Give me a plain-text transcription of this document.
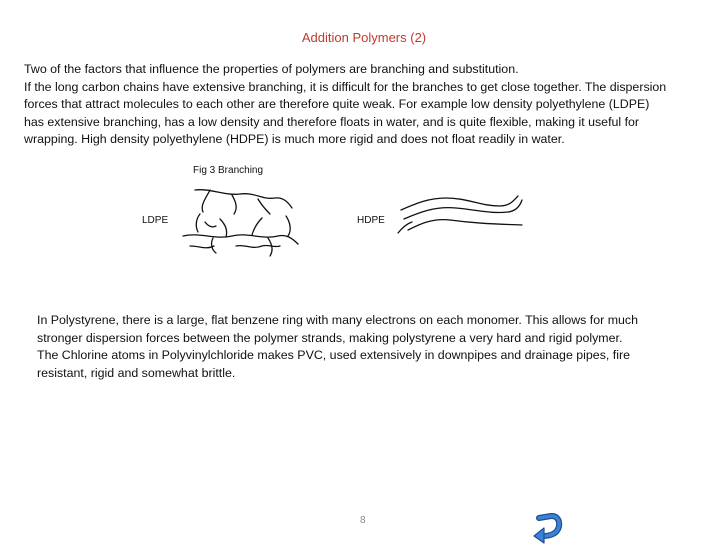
Addition Polymers (2)
Two of the factors that influence the properties of polymers are branching and substitution.
If the long carbon chains have extensive branching, it is difficult for the branches to get close together. The dispersion
forces that attract molecules to each other are therefore quite weak. For example low density polyethylene (LDPE)
has extensive branching, has a low density and therefore floats in water, and is quite flexible, making it useful for
wrapping. High density polyethylene (HDPE) is much more rigid and does not float readily in water.
Fig 3 Branching
LDPE	HDPE
In Polystyrene, there is a large, flat benzene ring with many electrons on each monomer. This allows for much
stronger dispersion forces between the polymer strands, making polystyrene a very hard and rigid polymer.
The Chlorine atoms in Polyvinylchloride makes PVC, used extensively in downpipes and drainage pipes, fire
resistant, rigid and somewhat brittle.
8
